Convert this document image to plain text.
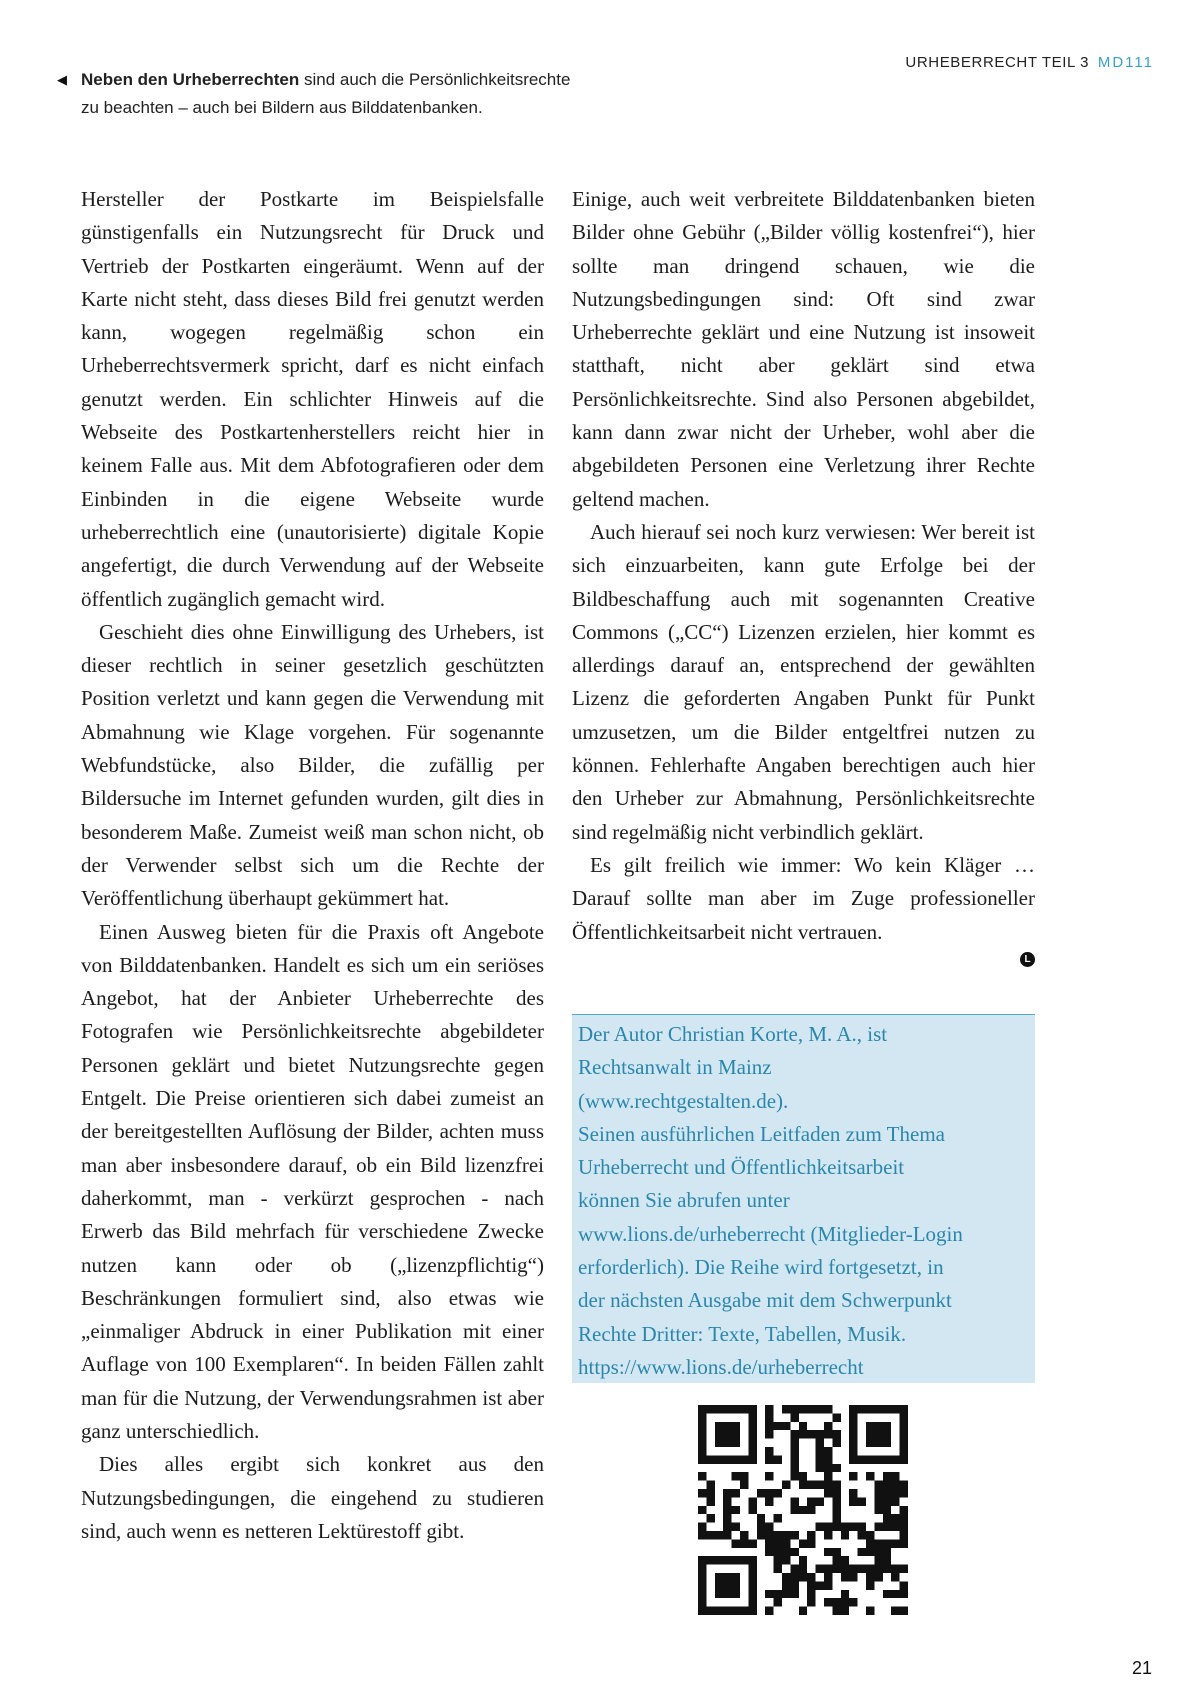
◀ Neben den Urheberrechten sind auch die Persönlichkeitsrechte
zu beachten – auch bei Bildern aus Bilddatenbanken.
URHEBERRECHT TEIL 3 MD111

Hersteller der Postkarte im Beispielsfalle günstigenfalls ein Nutzungsrecht für Druck und Vertrieb der Postkarten eingeräumt. Wenn auf der Karte nicht steht, dass dieses Bild frei genutzt werden kann, wogegen regelmäßig schon ein Urheberrechtsvermerk spricht, darf es nicht einfach genutzt werden. Ein schlichter Hinweis auf die Webseite des Postkartenherstellers reicht hier in keinem Falle aus. Mit dem Abfotografieren oder dem Einbinden in die eigene Webseite wurde urheberrechtlich eine (unautorisierte) digitale Kopie angefertigt, die durch Verwendung auf der Webseite öffentlich zugänglich gemacht wird.

Geschieht dies ohne Einwilligung des Urhebers, ist dieser rechtlich in seiner gesetzlich geschützten Position verletzt und kann gegen die Verwendung mit Abmahnung wie Klage vorgehen. Für sogenannte Webfundstücke, also Bilder, die zufällig per Bildersuche im Internet gefunden wurden, gilt dies in besonderem Maße. Zumeist weiß man schon nicht, ob der Verwender selbst sich um die Rechte der Veröffentlichung überhaupt gekümmert hat.

Einen Ausweg bieten für die Praxis oft Angebote von Bilddatenbanken. Handelt es sich um ein seriöses Angebot, hat der Anbieter Urheberrechte des Fotografen wie Persönlichkeitsrechte abgebildeter Personen geklärt und bietet Nutzungsrechte gegen Entgelt. Die Preise orientieren sich dabei zumeist an der bereitgestellten Auflösung der Bilder, achten muss man aber insbesondere darauf, ob ein Bild lizenzfrei daherkommt, man - verkürzt gesprochen - nach Erwerb das Bild mehrfach für verschiedene Zwecke nutzen kann oder ob („lizenzpflichtig“) Beschränkungen formuliert sind, also etwas wie „einmaliger Abdruck in einer Publikation mit einer Auflage von 100 Exemplaren“. In beiden Fällen zahlt man für die Nutzung, der Verwendungsrahmen ist aber ganz unterschiedlich.

Dies alles ergibt sich konkret aus den Nutzungsbedingungen, die eingehend zu studieren sind, auch wenn es netteren Lektürestoff gibt.

Einige, auch weit verbreitete Bilddatenbanken bieten Bilder ohne Gebühr („Bilder völlig kostenfrei“), hier sollte man dringend schauen, wie die Nutzungsbedingungen sind: Oft sind zwar Urheberrechte geklärt und eine Nutzung ist insoweit statthaft, nicht aber geklärt sind etwa Persönlichkeitsrechte. Sind also Personen abgebildet, kann dann zwar nicht der Urheber, wohl aber die abgebildeten Personen eine Verletzung ihrer Rechte geltend machen.

Auch hierauf sei noch kurz verwiesen: Wer bereit ist sich einzuarbeiten, kann gute Erfolge bei der Bildbeschaffung auch mit sogenannten Creative Commons („CC“) Lizenzen erzielen, hier kommt es allerdings darauf an, entsprechend der gewählten Lizenz die geforderten Angaben Punkt für Punkt umzusetzen, um die Bilder entgeltfrei nutzen zu können. Fehlerhafte Angaben berechtigen auch hier den Urheber zur Abmahnung, Persönlichkeitsrechte sind regelmäßig nicht verbindlich geklärt.

Es gilt freilich wie immer: Wo kein Kläger … Darauf sollte man aber im Zuge professioneller Öffentlichkeitsarbeit nicht vertrauen.

L

Der Autor Christian Korte, M. A., ist

Rechtsanwalt in Mainz

(www.rechtgestalten.de).

Seinen ausführlichen Leitfaden zum Thema

Urheberrecht und Öffentlichkeitsarbeit

können Sie abrufen unter

www.lions.de/urheberrecht (Mitglieder-Login

erforderlich). Die Reihe wird fortgesetzt, in

der nächsten Ausgabe mit dem Schwerpunkt

Rechte Dritter: Texte, Tabellen, Musik.

https://www.lions.de/urheberrecht

21
